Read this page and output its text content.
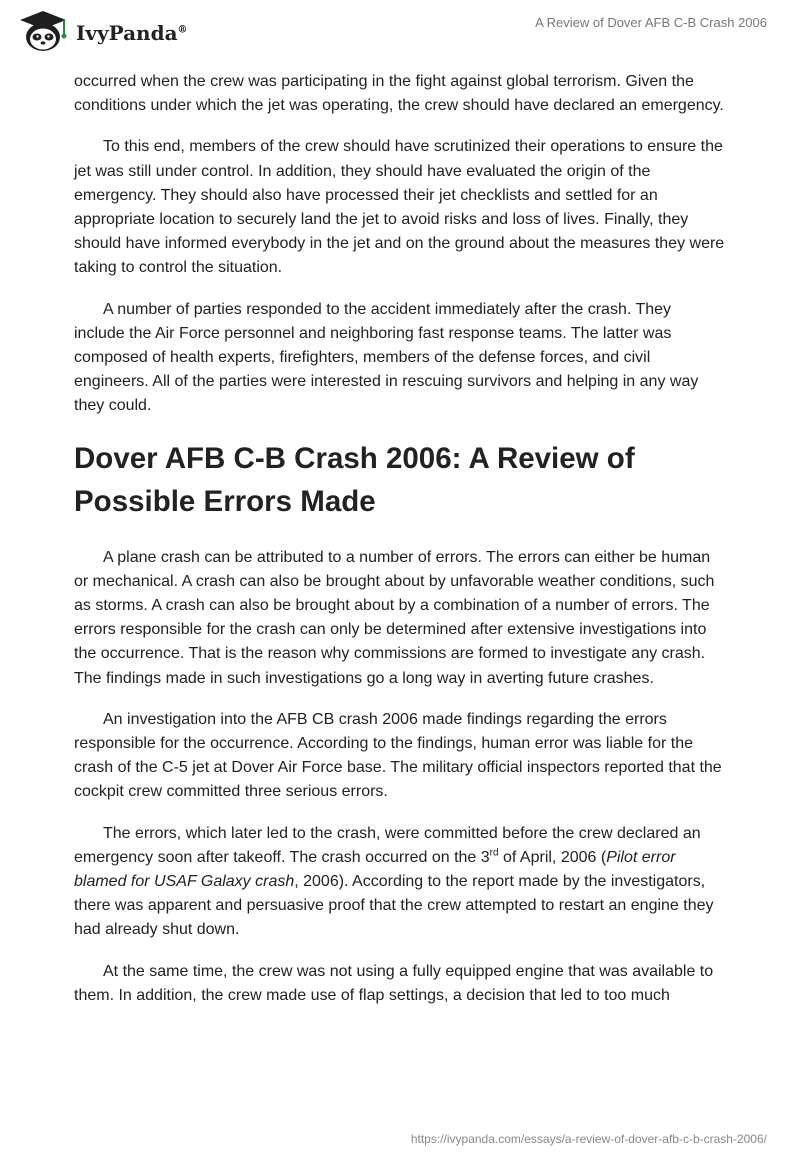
IvyPanda®	A Review of Dover AFB C-B Crash 2006

occurred when the crew was participating in the fight against global terrorism. Given the conditions under which the jet was operating, the crew should have declared an emergency.

To this end, members of the crew should have scrutinized their operations to ensure the jet was still under control. In addition, they should have evaluated the origin of the emergency. They should also have processed their jet checklists and settled for an appropriate location to securely land the jet to avoid risks and loss of lives. Finally, they should have informed everybody in the jet and on the ground about the measures they were taking to control the situation.

A number of parties responded to the accident immediately after the crash. They include the Air Force personnel and neighboring fast response teams. The latter was composed of health experts, firefighters, members of the defense forces, and civil engineers. All of the parties were interested in rescuing survivors and helping in any way they could.

Dover AFB C-B Crash 2006: A Review of Possible Errors Made

A plane crash can be attributed to a number of errors. The errors can either be human or mechanical. A crash can also be brought about by unfavorable weather conditions, such as storms. A crash can also be brought about by a combination of a number of errors. The errors responsible for the crash can only be determined after extensive investigations into the occurrence. That is the reason why commissions are formed to investigate any crash. The findings made in such investigations go a long way in averting future crashes.

An investigation into the AFB CB crash 2006 made findings regarding the errors responsible for the occurrence. According to the findings, human error was liable for the crash of the C-5 jet at Dover Air Force base. The military official inspectors reported that the cockpit crew committed three serious errors.

The errors, which later led to the crash, were committed before the crew declared an emergency soon after takeoff. The crash occurred on the 3rd of April, 2006 (Pilot error blamed for USAF Galaxy crash, 2006). According to the report made by the investigators, there was apparent and persuasive proof that the crew attempted to restart an engine they had already shut down.

At the same time, the crew was not using a fully equipped engine that was available to them. In addition, the crew made use of flap settings, a decision that led to too much

https://ivypanda.com/essays/a-review-of-dover-afb-c-b-crash-2006/
